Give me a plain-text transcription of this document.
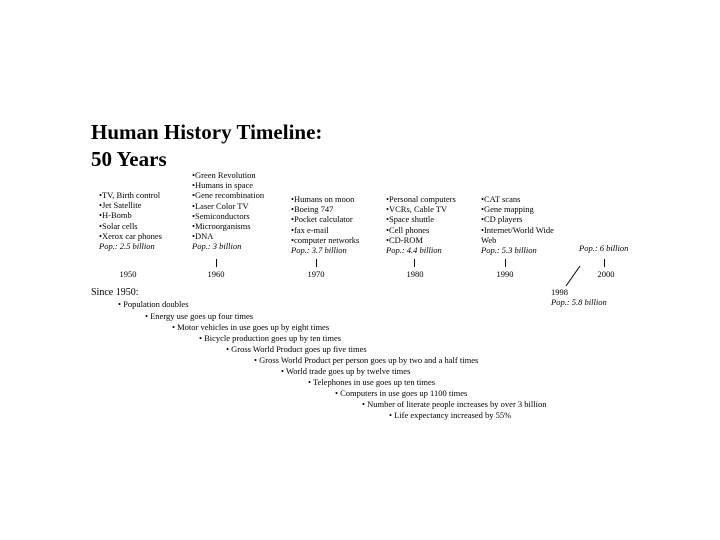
Human History Timeline:
50 Years
•TV, Birth control
•Jet Satellite
•H-Bomb
•Solar cells
•Xerox car phones
Pop.: 2.5 billion
•Green Revolution
•Humans in space
•Gene recombination
•Laser Color TV
•Semiconductors
•Microorganisms
•DNA
Pop.: 3 billion
•Humans on moon
•Boeing 747
•Pocket calculator
•fax e-mail
•computer networks
Pop.: 3.7 billion
•Personal computers
•VCRs, Cable TV
•Space shuttle
•Cell phones
•CD-ROM
Pop.: 4.4 billion
•CAT scans
•Gene mapping
•CD players
•Internet/World Wide
Web
Pop.: 5.3 billion	Pop.: 6 billion
1950	1960	1970	1980	1990	2000
1998
Pop.: 5.8 billion
Since 1950:
• Population doubles
• Energy use goes up four times
• Motor vehicles in use goes up by eight times
• Bicycle production goes up by ten times
• Gross World Product goes up five times
• Gross World Product per person goes up by two and a half times
• World trade goes up by twelve times
• Telephones in use goes up ten times
• Computers in use goes up 1100 times
• Number of literate people increases by over 3 billion
• Life expectancy increased by 55%
